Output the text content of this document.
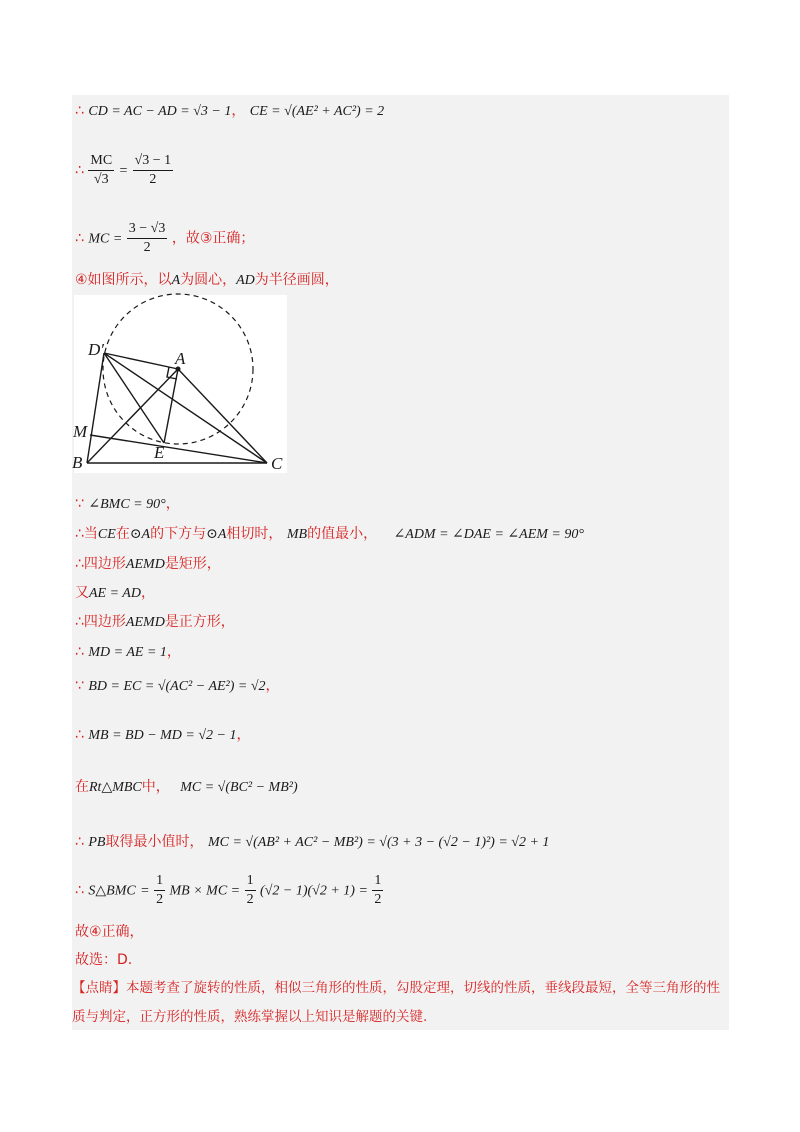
∴ CD = AC − AD = √3 − 1， CE = √(AE² + AC²) = 2
∴ $\frac{MC}{√3} = \frac{√3 - 1}{2}$
∴ MC = $\frac{3 - √3}{2}$ ，故③正确；
④如图所示，以A为圆心，AD为半径画圆，
D′	A
M
B
E
C
∵ ∠BMC = 90°，
∴当CE在⊙A的下方与⊙A相切时， MB的值最小， ∠ADM = ∠DAE = ∠AEM = 90°
∴四边形AEMD是矩形，
又AE = AD，
∴四边形AEMD是正方形，
∴ MD = AE = 1，
∵ BD = EC = √(AC² − AE²) = √2，
∴ MB = BD − MD = √2 − 1，
在Rt△MBC中， MC = √(BC² − MB²)
∴ PB取得最小值时， MC = √(AB² + AC² − MB²) = √(3 + 3 − (√2 − 1)²) = √2 + 1
∴ S△BMC = $\frac{1}{2}$ MB × MC = $\frac{1}{2} (√2 - 1)(√2 + 1) = \frac{1}{2}$
故④正确，
故选：D.
【点睛】本题考查了旋转的性质，相似三角形的性质，勾股定理，切线的性质，垂线段最短，全等三角形的性质与判定，正方形的性质，熟练掌握以上知识是解题的关键.
